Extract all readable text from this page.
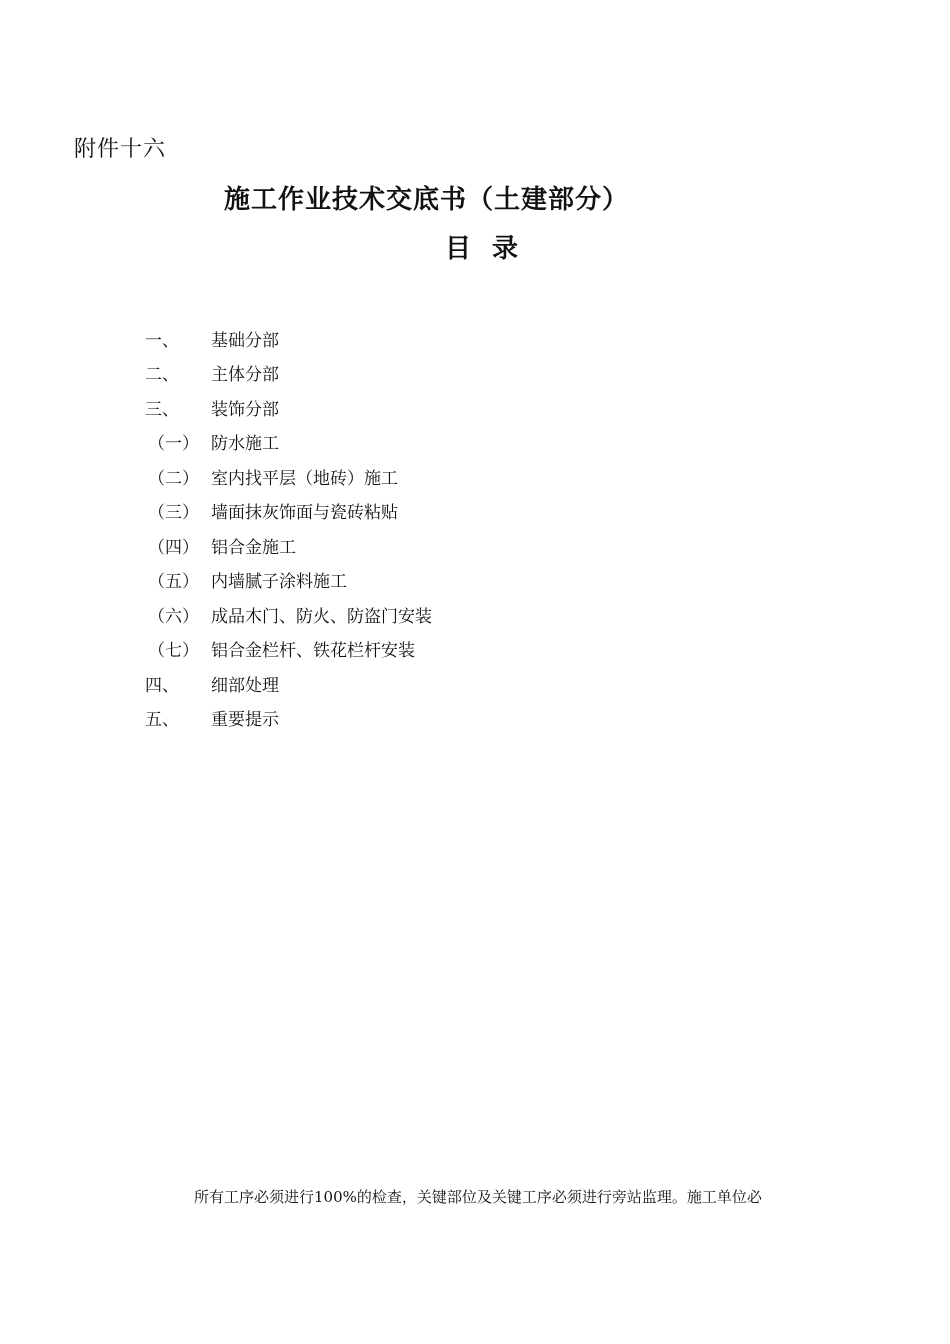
附件十六
施工作业技术交底书（土建部分）
目 录
一、	基础分部
二、	主体分部
三、	装饰分部
（一） 防水施工
（二） 室内找平层（地砖）施工
（三） 墙面抹灰饰面与瓷砖粘贴
（四） 铝合金施工
（五） 内墙腻子涂料施工
（六） 成品木门、防火、防盗门安装
（七） 铝合金栏杆、铁花栏杆安装
四、	细部处理
五、	重要提示
所有工序必须进行100%的检查，关键部位及关键工序必须进行旁站监理。施工单位必
